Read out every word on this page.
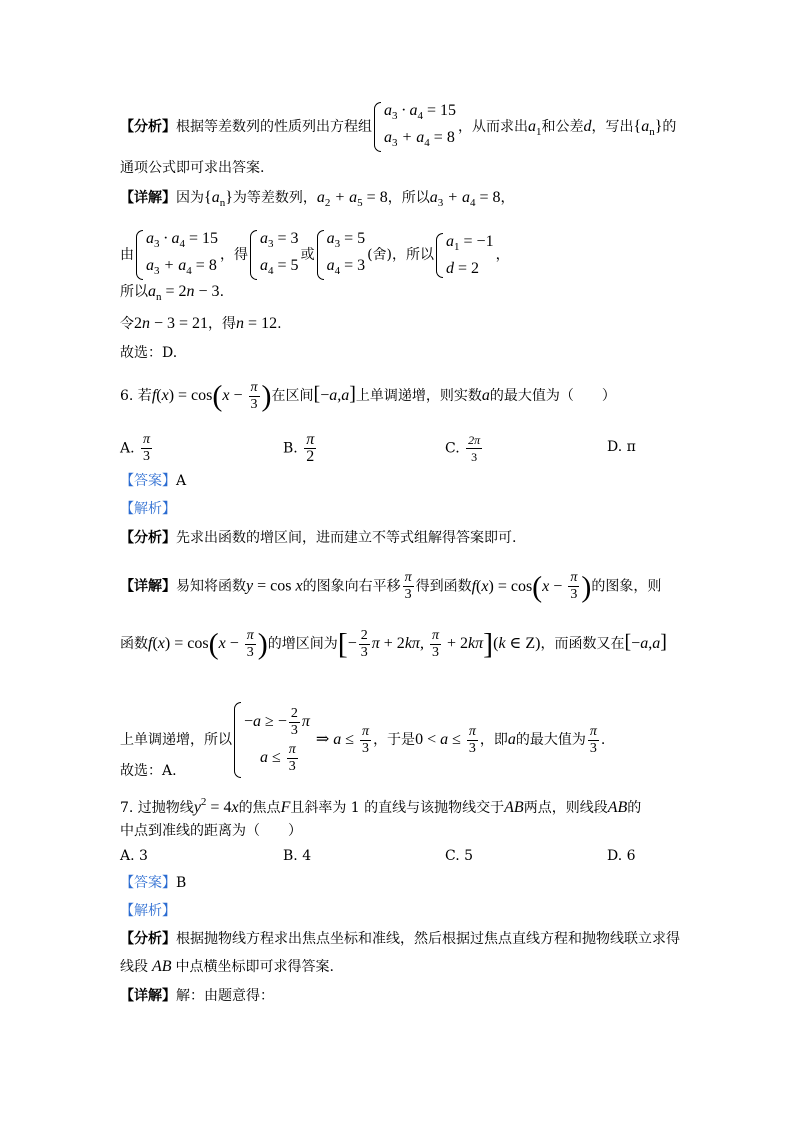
【分析】根据等差数列的性质列出方程组
$a_3 \cdot a_4 = 15$
$a_3 + a_4 = 8$
，从而求出$a_1$和公差d，写出$\{a_n\}$的
通项公式即可求出答案.
【详解】因为$\{a_n\}$为等差数列，$a_2 + a_5 = 8$，所以$a_3 + a_4 = 8$，
由
$a_3 \cdot a_4 = 15$
$a_3 + a_4 = 8$
，得
$a_3 = 3$
$a_4 = 5$
或
$a_3 = 5$
$a_4 = 3$
(舍)，所以
$a_1 = -1$
d = 2
，
所以$a_n = 2n - 3$.
令2n − 3 = 21，得n = 12.
故选：D.
6. 若$f(x) = \cos(x - \frac{\pi}{3}$ )在区间[−a,a]上单调递增，则实数a的最大值为（　　）
A. $\frac{\pi}{3}$	B. $\frac{\pi}{2}$	C. $\frac{2\pi}{3}$	D. π
【答案】A
【解析】
【分析】先求出函数的增区间，进而建立不等式组解得答案即可.
【详解】易知将函数y = cos x的图象向右平移 $\frac{\pi}{3}$ 得到函数$f(x) = \cos(x - \frac{\pi}{3}$ )的图象，则
函数$f(x) = \cos(x - \frac{\pi}{3}$ )的增区间为[− $\frac{2}{3}$ π + 2kπ, $\frac{\pi}{3} + 2k\pi](k$ ∈ Z)，而函数又在[−a,a]
上单调递增，所以
−a ≥ − $\frac{2}{3}$ π
$a \le \frac{\pi}{3}$
⇒ $a \le \frac{\pi}{3}$ ，于是$0 < a \le \frac{\pi}{3}$ ，即a的最大值为 $\frac{\pi}{3}$ .
故选：A.
7. 过抛物线$y^2 = 4x$的焦点F且斜率为 1 的直线与该抛物线交于AB两点，则线段AB的
中点到准线的距离为（　　）
A. 3	B. 4	C. 5	D. 6
【答案】B
【解析】
【分析】根据抛物线方程求出焦点坐标和准线，然后根据过焦点直线方程和抛物线联立求得
线段 AB 中点横坐标即可求得答案.
【详解】解：由题意得：
